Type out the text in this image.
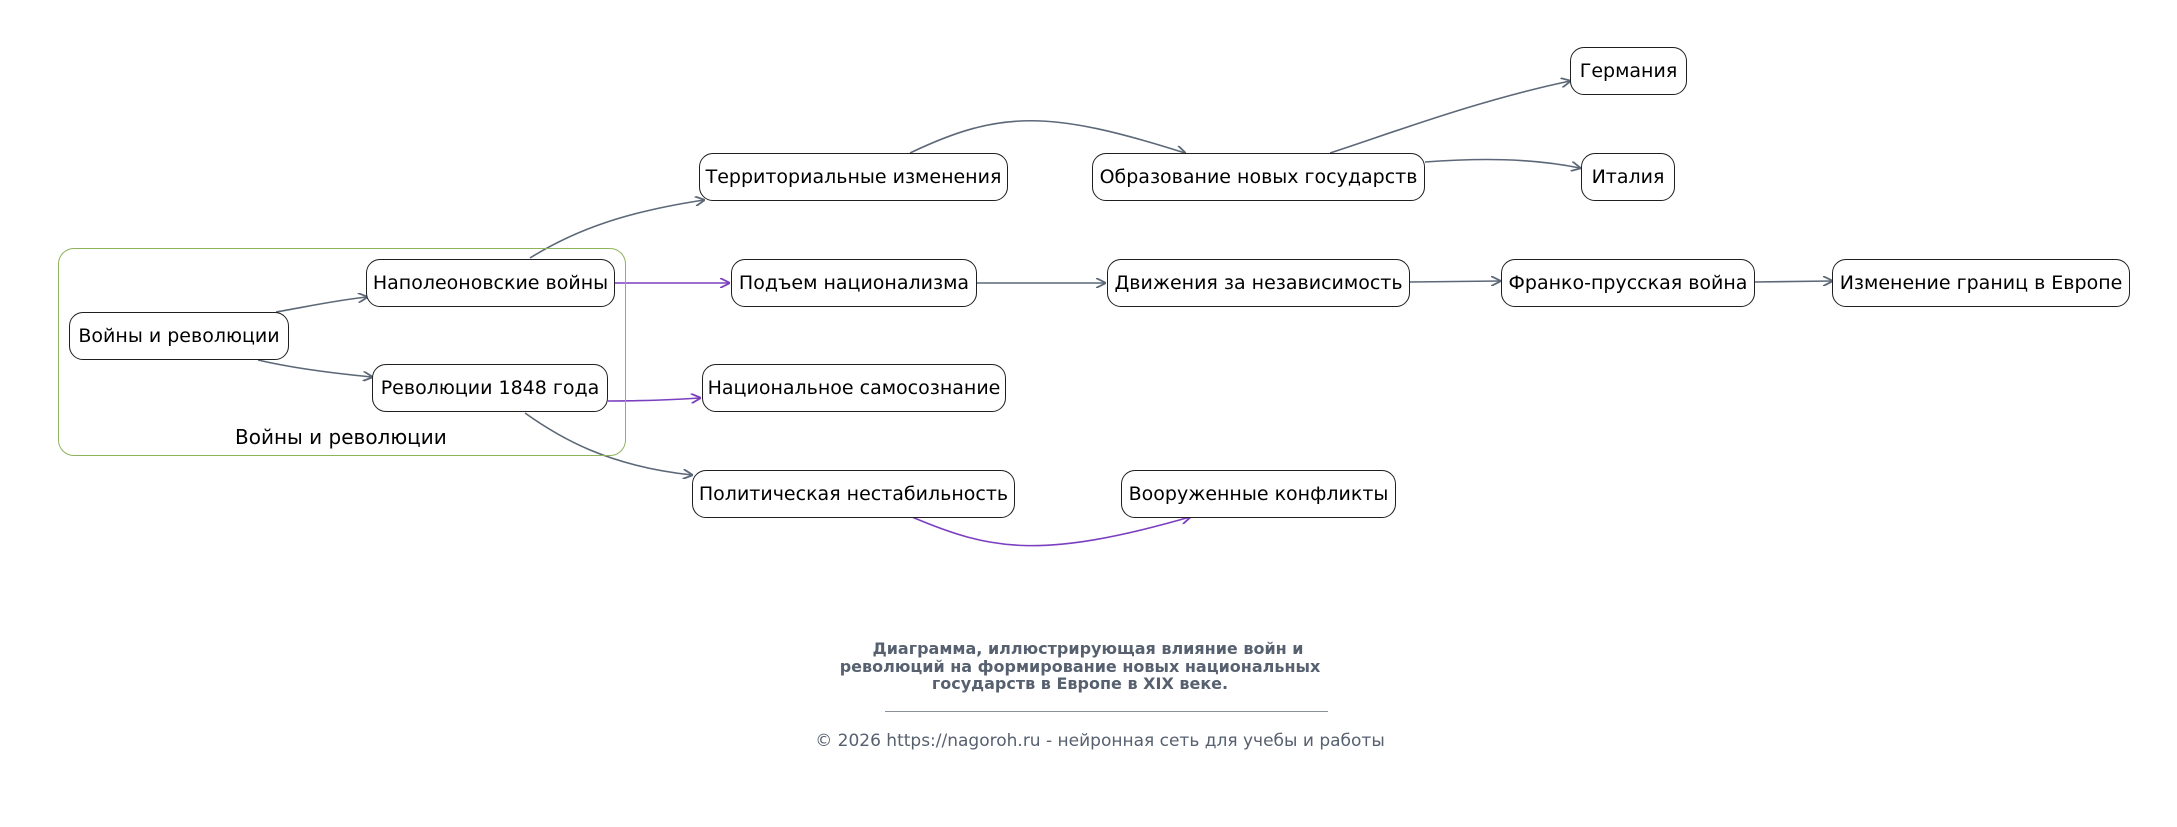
Войны и революции
Войны и революции
Наполеоновские войны
Революции 1848 года
Территориальные изменения
Подъем национализма
Национальное самосознание
Политическая нестабильность
Образование новых государств
Движения за независимость
Вооруженные конфликты
Германия
Италия
Франко-прусская война	Изменение границ в Европе
Диаграмма, иллюстрирующая влияние войн и
революций на формирование новых национальных
государств в Европе в XIX веке.
© 2026 https://nagoroh.ru - нейронная сеть для учебы и работы
